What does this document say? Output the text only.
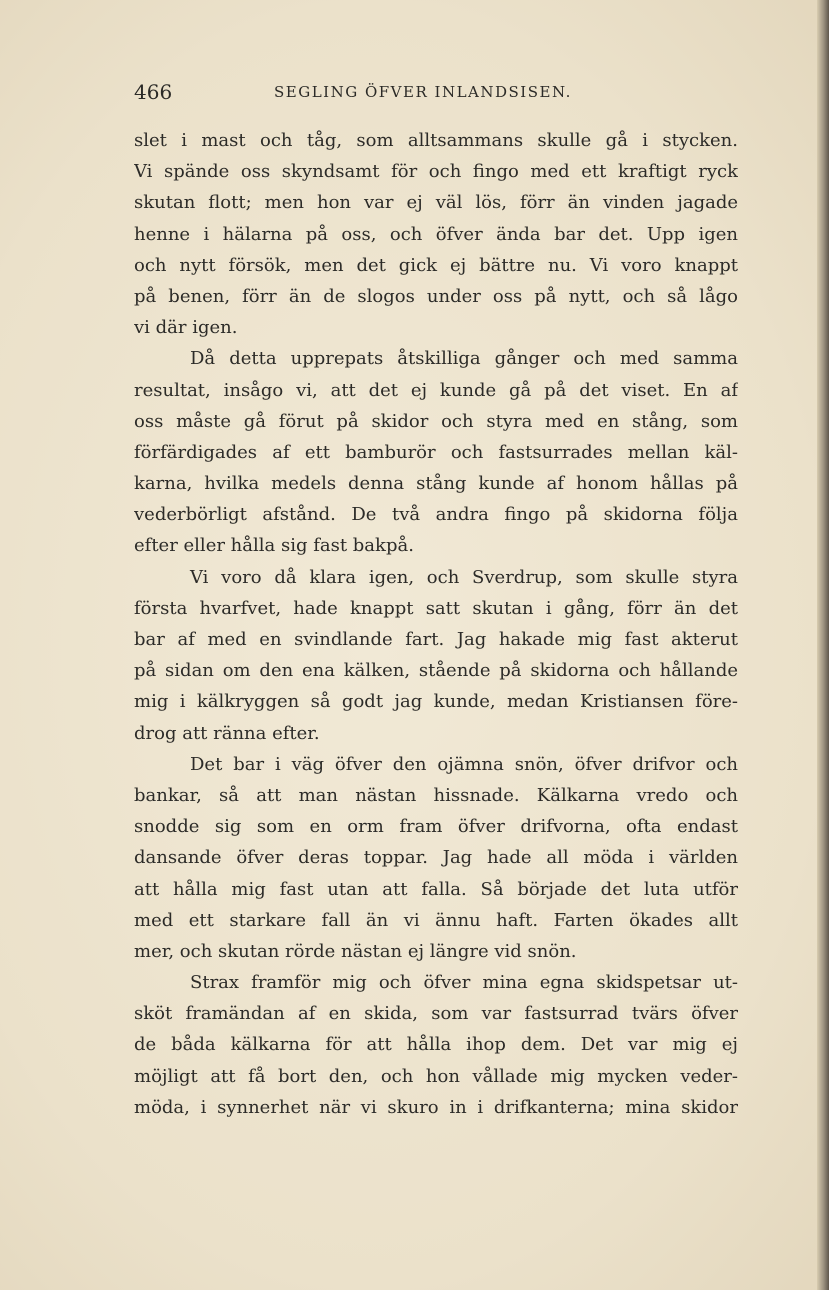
466	SEGLING ÖFVER INLANDSISEN.
slet i mast och tåg, som alltsammans skulle gå i stycken.
Vi spände oss skyndsamt för och fingo med ett kraftigt ryck
skutan flott; men hon var ej väl lös, förr än vinden jagade
henne i hälarna på oss, och öfver ända bar det. Upp igen
och nytt försök, men det gick ej bättre nu. Vi voro knappt
på benen, förr än de slogos under oss på nytt, och så lågo
vi där igen.
Då detta upprepats åtskilliga gånger och med samma
resultat, insågo vi, att det ej kunde gå på det viset. En af
oss måste gå förut på skidor och styra med en stång, som
förfärdigades af ett bamburör och fastsurrades mellan käl-
karna, hvilka medels denna stång kunde af honom hållas på
vederbörligt afstånd. De två andra fingo på skidorna följa
efter eller hålla sig fast bakpå.
Vi voro då klara igen, och Sverdrup, som skulle styra
första hvarfvet, hade knappt satt skutan i gång, förr än det
bar af med en svindlande fart. Jag hakade mig fast akterut
på sidan om den ena kälken, stående på skidorna och hållande
mig i kälkryggen så godt jag kunde, medan Kristiansen före-
drog att ränna efter.
Det bar i väg öfver den ojämna snön, öfver drifvor och
bankar, så att man nästan hissnade. Kälkarna vredo och
snodde sig som en orm fram öfver drifvorna, ofta endast
dansande öfver deras toppar. Jag hade all möda i världen
att hålla mig fast utan att falla. Så började det luta utför
med ett starkare fall än vi ännu haft. Farten ökades allt
mer, och skutan rörde nästan ej längre vid snön.
Strax framför mig och öfver mina egna skidspetsar ut-
sköt framändan af en skida, som var fastsurrad tvärs öfver
de båda kälkarna för att hålla ihop dem. Det var mig ej
möjligt att få bort den, och hon vållade mig mycken veder-
möda, i synnerhet när vi skuro in i drifkanterna; mina skidor
